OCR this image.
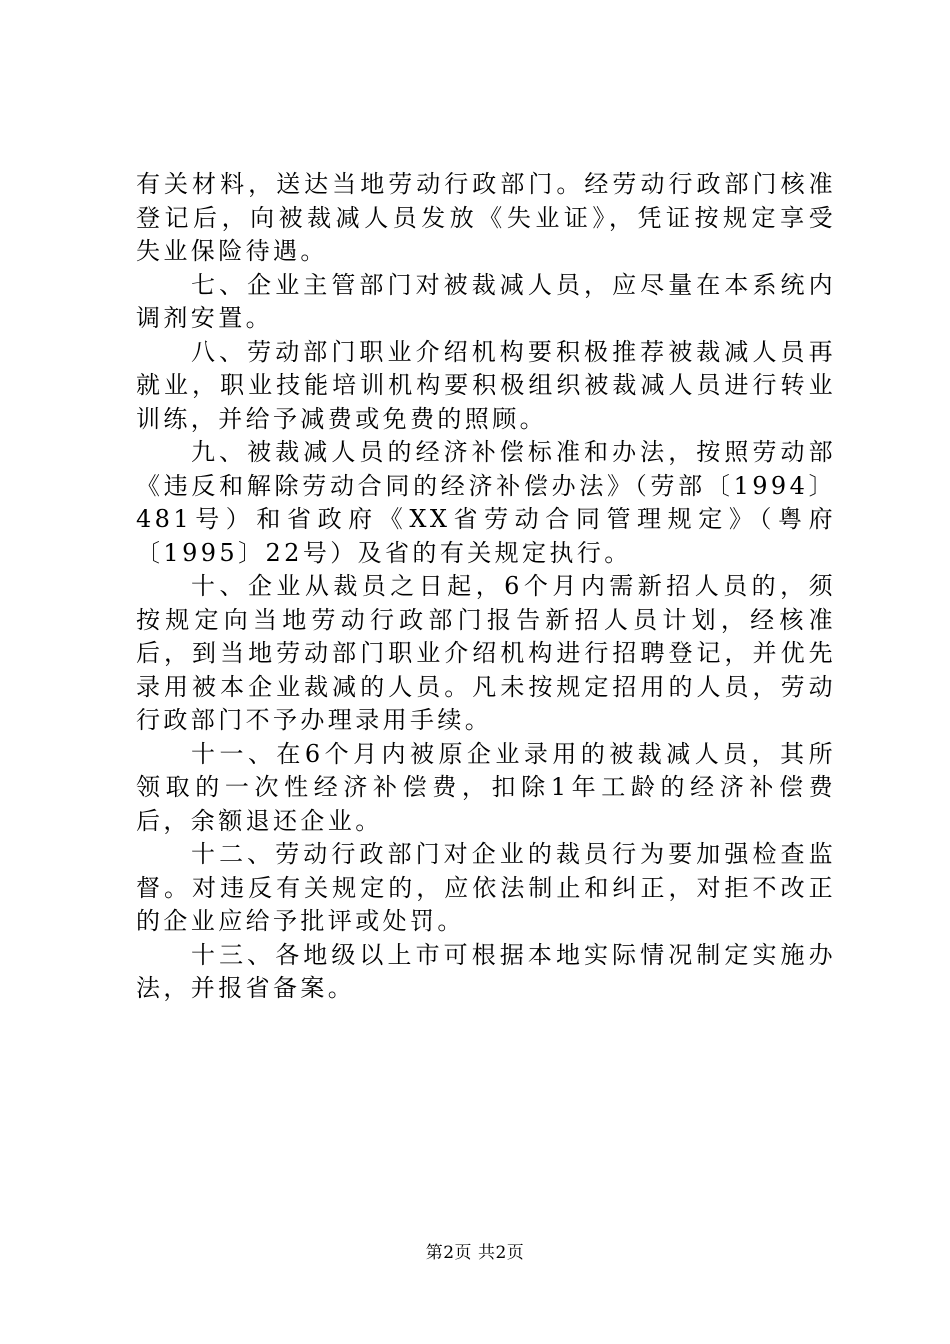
有关材料，送达当地劳动行政部门。经劳动行政部门核准登记后，向被裁减人员发放《失业证》，凭证按规定享受失业保险待遇。

七、企业主管部门对被裁减人员，应尽量在本系统内调剂安置。

八、劳动部门职业介绍机构要积极推荐被裁减人员再就业，职业技能培训机构要积极组织被裁减人员进行转业训练，并给予减费或免费的照顾。

九、被裁减人员的经济补偿标准和办法，按照劳动部《违反和解除劳动合同的经济补偿办法》（劳部〔1994〕481号）和省政府《XX省劳动合同管理规定》（粤府〔1995〕22号）及省的有关规定执行。

十、企业从裁员之日起，6个月内需新招人员的，须按规定向当地劳动行政部门报告新招人员计划，经核准后，到当地劳动部门职业介绍机构进行招聘登记，并优先录用被本企业裁减的人员。凡未按规定招用的人员，劳动行政部门不予办理录用手续。

十一、在6个月内被原企业录用的被裁减人员，其所领取的一次性经济补偿费，扣除1年工龄的经济补偿费后，余额退还企业。

十二、劳动行政部门对企业的裁员行为要加强检查监督。对违反有关规定的，应依法制止和纠正，对拒不改正的企业应给予批评或处罚。

十三、各地级以上市可根据本地实际情况制定实施办法，并报省备案。

第2页 共2页
